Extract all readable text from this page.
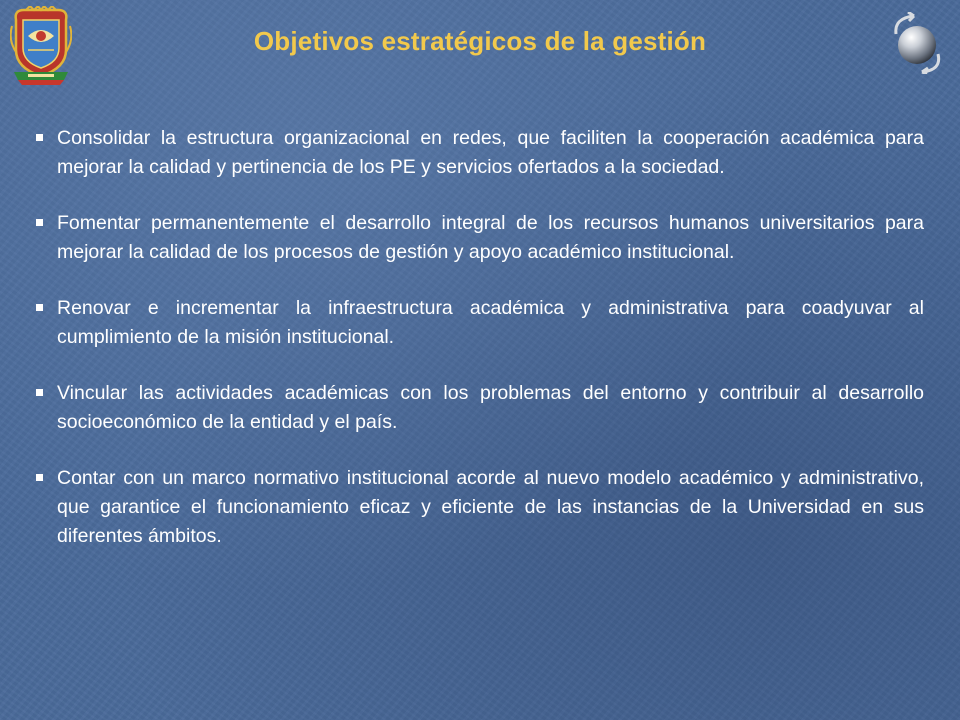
Objetivos estratégicos de la gestión
Consolidar la estructura organizacional en redes, que faciliten la cooperación académica para mejorar la calidad y pertinencia de los PE y servicios ofertados a la sociedad.
Fomentar permanentemente el desarrollo integral de los recursos humanos universitarios para mejorar la calidad de los procesos de gestión y apoyo académico institucional.
Renovar e incrementar la infraestructura académica y administrativa para coadyuvar al cumplimiento de la misión institucional.
Vincular las actividades académicas con los problemas del entorno y contribuir al desarrollo socioeconómico de la entidad y el país.
Contar con un marco normativo institucional acorde al nuevo modelo académico y administrativo, que garantice el funcionamiento eficaz y eficiente de las instancias de la Universidad en sus diferentes ámbitos.
